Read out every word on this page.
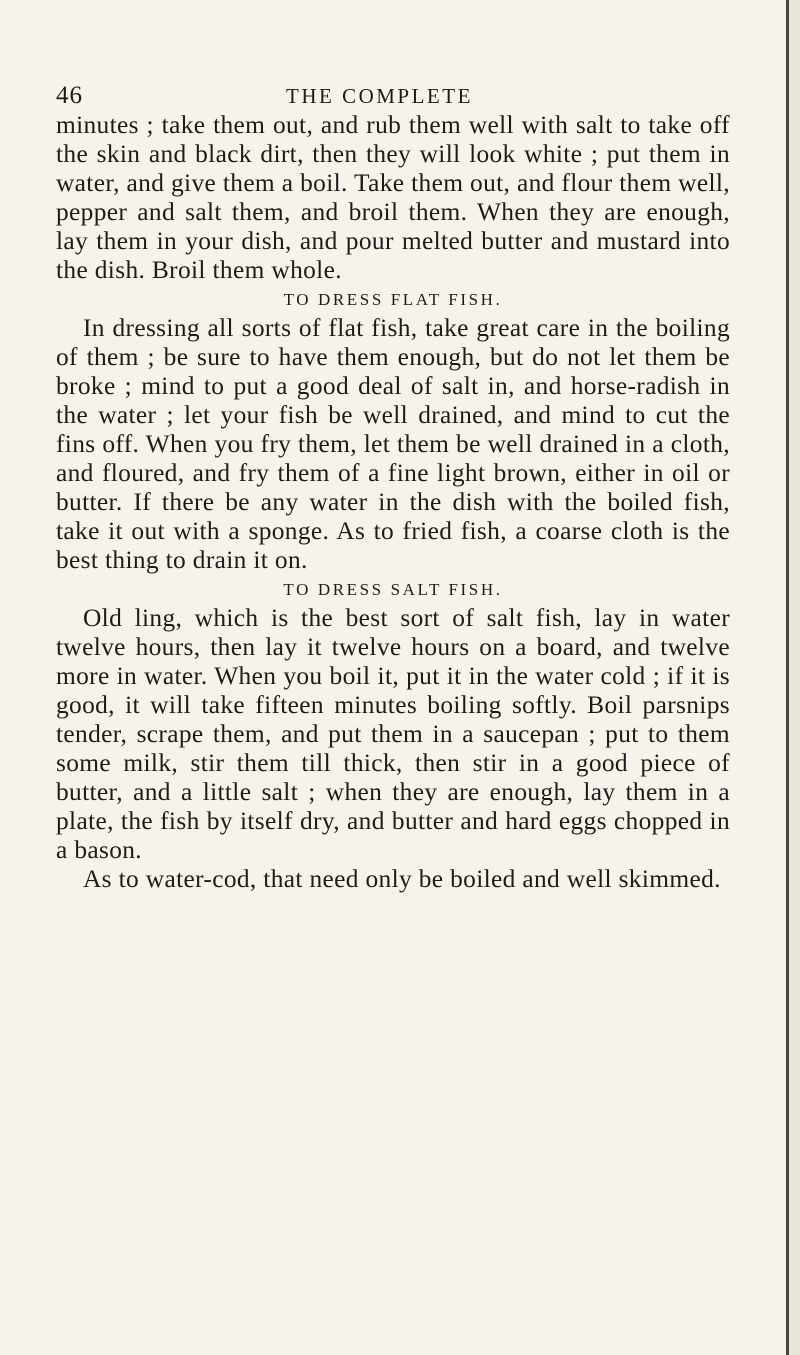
46	THE COMPLETE

minutes ; take them out, and rub them well with salt to take off the skin and black dirt, then they will look white ; put them in water, and give them a boil. Take them out, and flour them well, pepper and salt them, and broil them. When they are enough, lay them in your dish, and pour melted butter and mustard into the dish. Broil them whole.

TO DRESS FLAT FISH.

In dressing all sorts of flat fish, take great care in the boiling of them ; be sure to have them enough, but do not let them be broke ; mind to put a good deal of salt in, and horse-radish in the water ; let your fish be well drained, and mind to cut the fins off. When you fry them, let them be well drained in a cloth, and floured, and fry them of a fine light brown, either in oil or butter. If there be any water in the dish with the boiled fish, take it out with a sponge. As to fried fish, a coarse cloth is the best thing to drain it on.

TO DRESS SALT FISH.

Old ling, which is the best sort of salt fish, lay in water twelve hours, then lay it twelve hours on a board, and twelve more in water. When you boil it, put it in the water cold ; if it is good, it will take fifteen minutes boiling softly. Boil parsnips tender, scrape them, and put them in a saucepan ; put to them some milk, stir them till thick, then stir in a good piece of butter, and a little salt ; when they are enough, lay them in a plate, the fish by itself dry, and butter and hard eggs chopped in a bason.

As to water-cod, that need only be boiled and well skimmed.
